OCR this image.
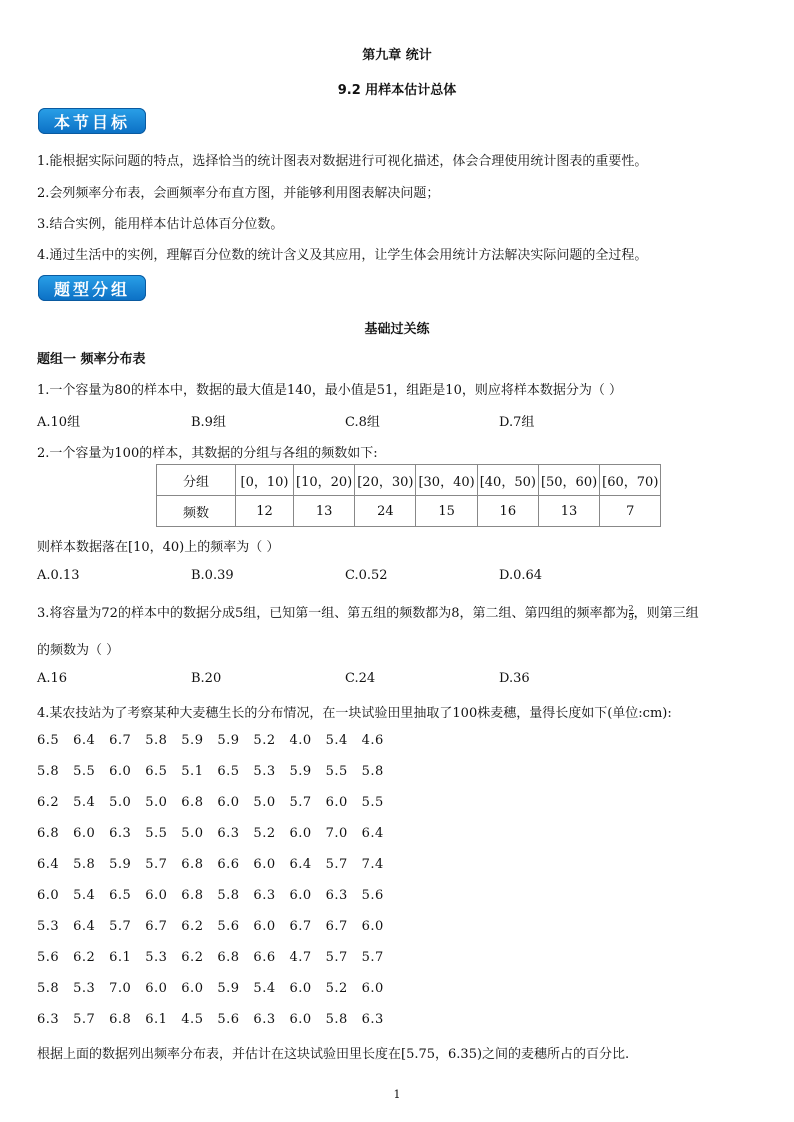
第九章 统计
9.2 用样本估计总体
本节目标
1.能根据实际问题的特点，选择恰当的统计图表对数据进行可视化描述，体会合理使用统计图表的重要性。
2.会列频率分布表，会画频率分布直方图，并能够利用图表解决问题；
3.结合实例，能用样本估计总体百分位数。
4.通过生活中的实例，理解百分位数的统计含义及其应用，让学生体会用统计方法解决实际问题的全过程。
题型分组
基础过关练
题组一 频率分布表
1.一个容量为80的样本中，数据的最大值是140，最小值是51，组距是10，则应将样本数据分为（ ）
A.10组	B.9组	C.8组	D.7组
2.一个容量为100的样本，其数据的分组与各组的频数如下:
分组	[0，10)	[10，20)	[20，30)	[30，40)	[40，50)	[50，60)	[60，70)
频数	12	13	24	15	16	13	7
则样本数据落在[10，40)上的频率为（ ）
A.0.13	B.0.39	C.0.52	D.0.64
3.将容量为72的样本中的数据分成5组，已知第一组、第五组的频数都为8，第二组、第四组的频率都为 $\frac{2}{9}$ ，则第三组
的频数为（ ）
A.16	B.20	C.24	D.36
4.某农技站为了考察某种大麦穗生长的分布情况，在一块试验田里抽取了100株麦穗，量得长度如下(单位:cm):
6.5   6.4   6.7   5.8   5.9   5.9   5.2   4.0   5.4   4.6
5.8   5.5   6.0   6.5   5.1   6.5   5.3   5.9   5.5   5.8
6.2   5.4   5.0   5.0   6.8   6.0   5.0   5.7   6.0   5.5
6.8   6.0   6.3   5.5   5.0   6.3   5.2   6.0   7.0   6.4
6.4   5.8   5.9   5.7   6.8   6.6   6.0   6.4   5.7   7.4
6.0   5.4   6.5   6.0   6.8   5.8   6.3   6.0   6.3   5.6
5.3   6.4   5.7   6.7   6.2   5.6   6.0   6.7   6.7   6.0
5.6   6.2   6.1   5.3   6.2   6.8   6.6   4.7   5.7   5.7
5.8   5.3   7.0   6.0   6.0   5.9   5.4   6.0   5.2   6.0
6.3   5.7   6.8   6.1   4.5   5.6   6.3   6.0   5.8   6.3
根据上面的数据列出频率分布表，并估计在这块试验田里长度在[5.75，6.35)之间的麦穗所占的百分比.
1
